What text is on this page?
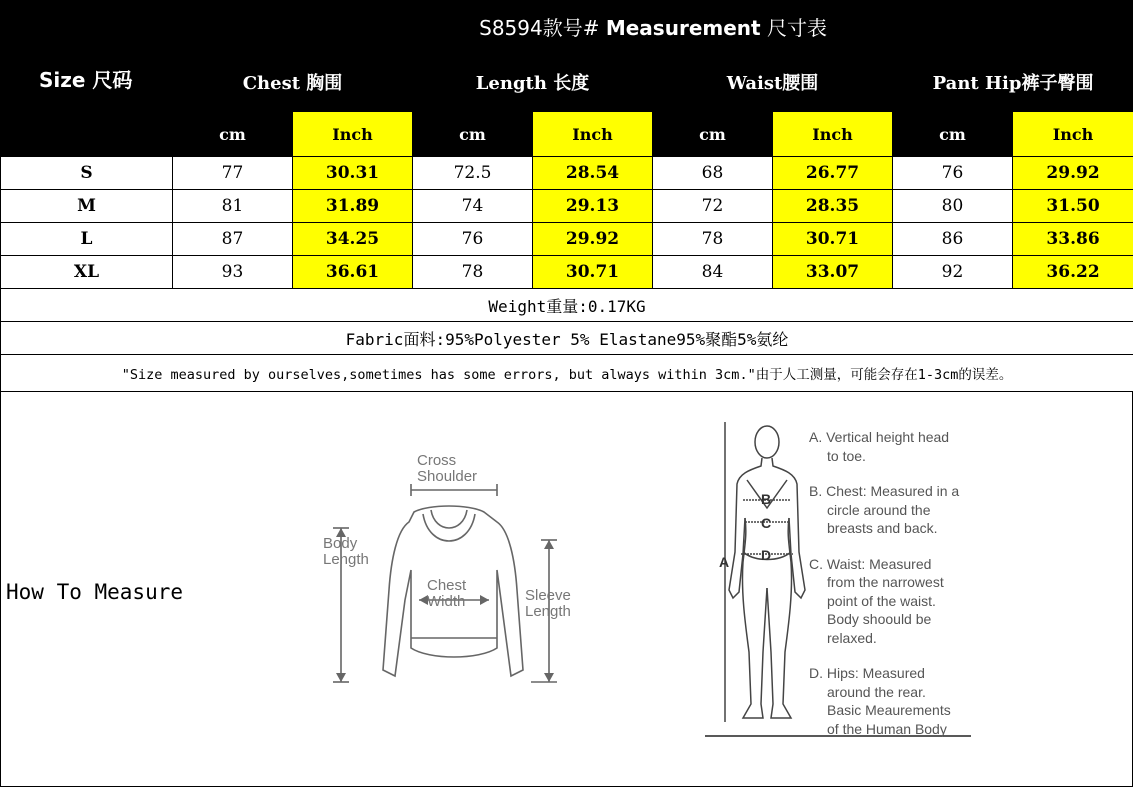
Size 尺码	S8594款号# Measurement 尺寸表							
	Chest 胸围		Length 长度		Waist腰围		Pant Hip裤子臀围	
	cm	Inch	cm	Inch	cm	Inch	cm	Inch
S	77	30.31	72.5	28.54	68	26.77	76	29.92
M	81	31.89	74	29.13	72	28.35	80	31.50
L	87	34.25	76	29.92	78	30.71	86	33.86
XL	93	36.61	78	30.71	84	33.07	92	36.22
Weight重量:0.17KG								
Fabric面料:95%Polyester 5% Elastane95%聚酯5%氨纶								
"Size measured by ourselves,sometimes has some errors, but always within 3cm."由于人工测量，可能会存在1-3cm的误差。								
How To Measure
Cross
Shoulder
Body
Length
Chest
Width	Sleeve
Length
B
C
D
A
A. Vertical height head
to toe.
B. Chest: Measured in a
circle around the
breasts and back.
C. Waist: Measured
from the narrowest
point of the waist.
Body shoould be
relaxed.
D. Hips: Measured
around the rear.
Basic Meaurements
of the Human Body
